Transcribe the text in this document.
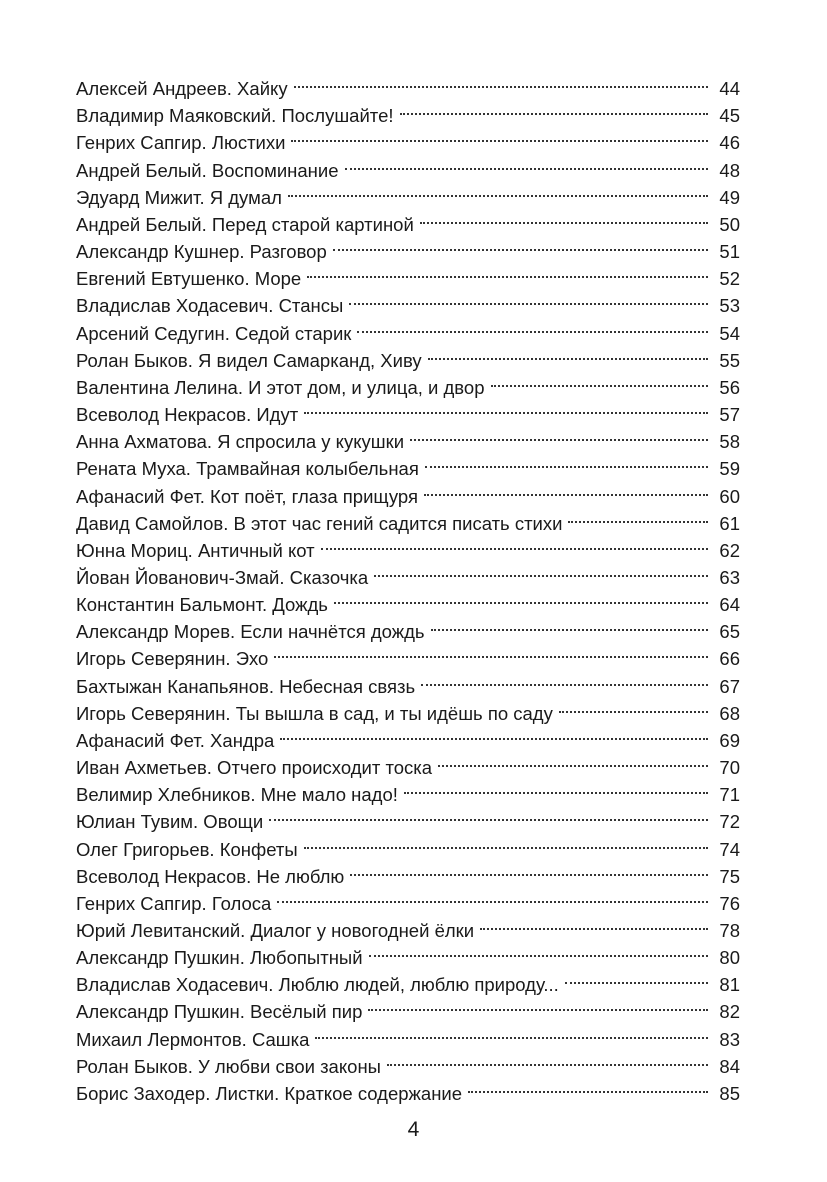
Алексей Андреев. Хайку	44
Владимир Маяковский. Послушайте!	45
Генрих Сапгир. Люстихи	46
Андрей Белый. Воспоминание	48
Эдуард Мижит. Я думал	49
Андрей Белый. Перед старой картиной	50
Александр Кушнер. Разговор	51
Евгений Евтушенко. Море	52
Владислав Ходасевич. Стансы	53
Арсений Седугин. Седой старик	54
Ролан Быков. Я видел Самарканд, Хиву	55
Валентина Лелина. И этот дом, и улица, и двор	56
Всеволод Некрасов. Идут	57
Анна Ахматова. Я спросила у кукушки	58
Рената Муха. Трамвайная колыбельная	59
Афанасий Фет. Кот поёт, глаза прищуря	60
Давид Самойлов. В этот час гений садится писать стихи	61
Юнна Мориц. Античный кот	62
Йован Йованович-Змай. Сказочка	63
Константин Бальмонт. Дождь	64
Александр Морев. Если начнётся дождь	65
Игорь Северянин. Эхо	66
Бахтыжан Канапьянов. Небесная связь	67
Игорь Северянин. Ты вышла в сад, и ты идёшь по саду	68
Афанасий Фет. Хандра	69
Иван Ахметьев. Отчего происходит тоска	70
Велимир Хлебников. Мне мало надо!	71
Юлиан Тувим. Овощи	72
Олег Григорьев. Конфеты	74
Всеволод Некрасов. Не люблю	75
Генрих Сапгир. Голоса	76
Юрий Левитанский. Диалог у новогодней ёлки	78
Александр Пушкин. Любопытный	80
Владислав Ходасевич. Люблю людей, люблю природу...	81
Александр Пушкин. Весёлый пир	82
Михаил Лермонтов. Сашка	83
Ролан Быков. У любви свои законы	84
Борис Заходер. Листки. Краткое содержание	85
4
